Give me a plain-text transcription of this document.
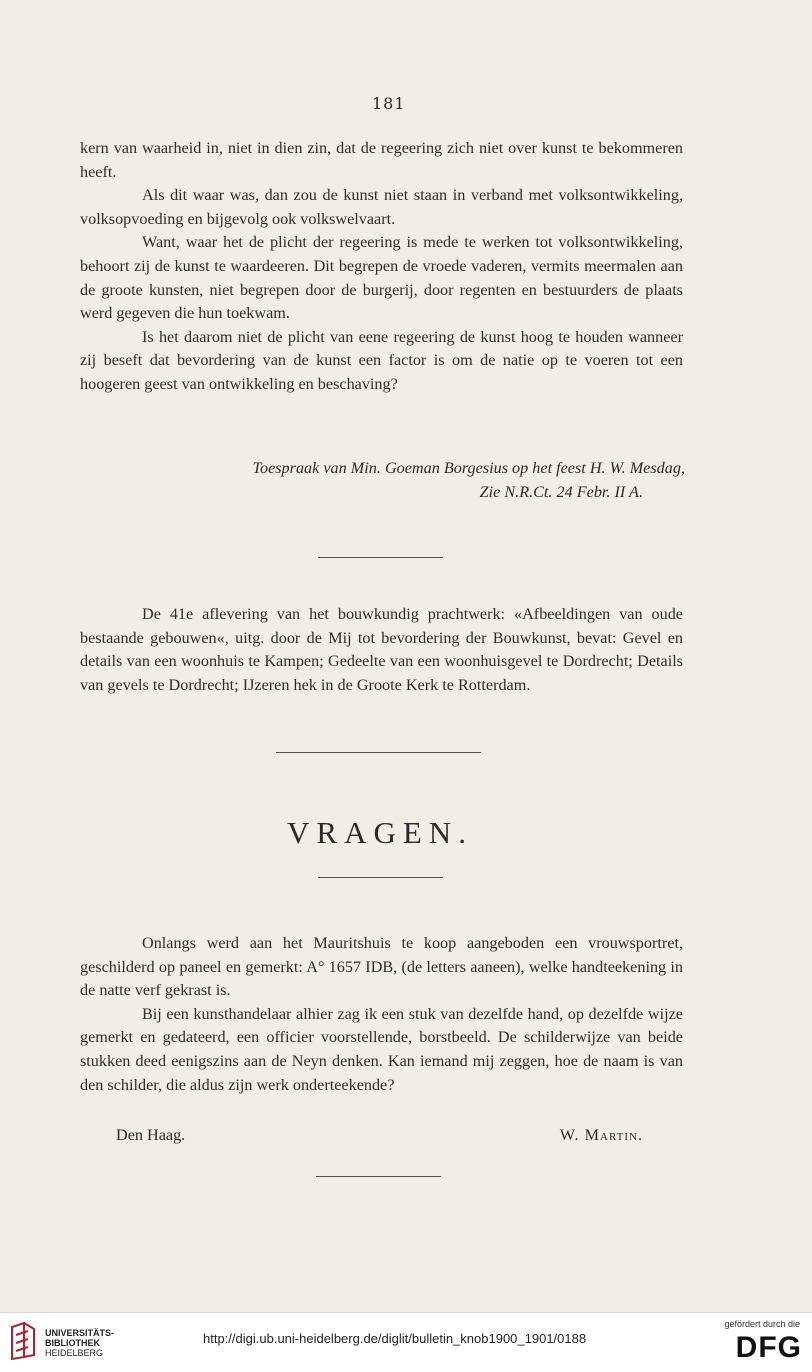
181

kern van waarheid in, niet in dien zin, dat de regeering zich niet over kunst te bekommeren heeft.

Als dit waar was, dan zou de kunst niet staan in verband met volksontwikkeling, volksopvoeding en bijgevolg ook volkswelvaart.

Want, waar het de plicht der regeering is mede te werken tot volksontwikkeling, behoort zij de kunst te waardeeren. Dit begrepen de vroede vaderen, vermits meermalen aan de groote kunsten, niet begrepen door de burgerij, door regenten en bestuurders de plaats werd gegeven die hun toekwam.

Is het daarom niet de plicht van eene regeering de kunst hoog te houden wanneer zij beseft dat bevordering van de kunst een factor is om de natie op te voeren tot een hoogeren geest van ontwikkeling en beschaving?

Toespraak van Min. Goeman Borgesius op het feest H. W. Mesdag,
Zie N.R.Ct. 24 Febr. II A.
De 41e aflevering van het bouwkundig prachtwerk: «Afbeeldingen van oude bestaande gebouwen«, uitg. door de Mij tot bevordering der Bouwkunst, bevat: Gevel en details van een woonhuis te Kampen; Gedeelte van een woonhuisgevel te Dordrecht; Details van gevels te Dordrecht; IJzeren hek in de Groote Kerk te Rotterdam.
VRAGEN.

Onlangs werd aan het Mauritshuis te koop aangeboden een vrouwsportret, geschilderd op paneel en gemerkt: A° 1657 IDB, (de letters aaneen), welke handteekening in de natte verf gekrast is.

Bij een kunsthandelaar alhier zag ik een stuk van dezelfde hand, op dezelfde wijze gemerkt en gedateerd, een officier voorstellende, borstbeeld. De schilderwijze van beide stukken deed eenigszins aan de Neyn denken. Kan iemand mij zeggen, hoe de naam is van den schilder, die aldus zijn werk onderteekende?

Den Haag.	W. Martin.
UNIVERSITÄTS-
BIBLIOTHEK
HEIDELBERG
http://digi.ub.uni-heidelberg.de/diglit/bulletin_knob1900_1901/0188
gefördert durch die
DFG
